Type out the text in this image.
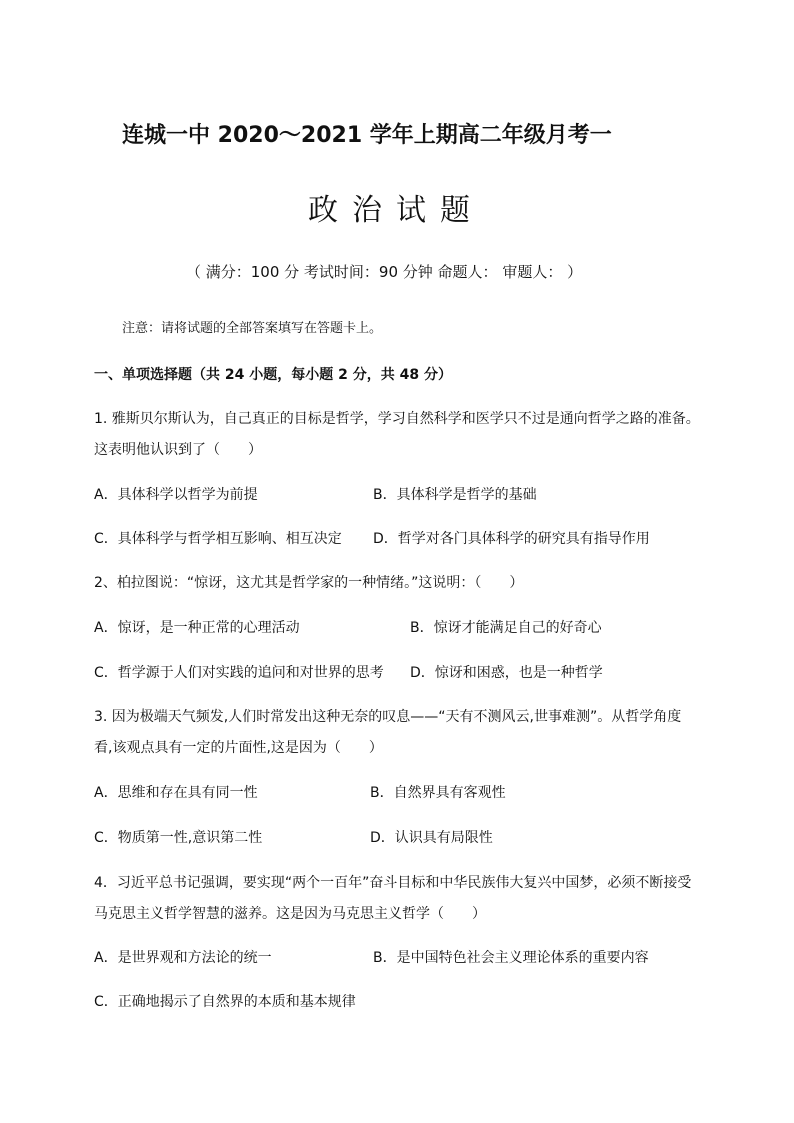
连城一中 2020～2021 学年上期高二年级月考一
政治试题
（ 满分：100 分 考试时间：90 分钟 命题人： 审题人： ）
注意：请将试题的全部答案填写在答题卡上。
一、单项选择题（共 24 小题，每小题 2 分，共 48 分）
1. 雅斯贝尔斯认为，自己真正的目标是哲学，学习自然科学和医学只不过是通向哲学之路的准备。
这表明他认识到了（　　）
A．具体科学以哲学为前提	B．具体科学是哲学的基础
C．具体科学与哲学相互影响、相互决定 D．哲学对各门具体科学的研究具有指导作用
2、柏拉图说：“惊讶，这尤其是哲学家的一种情绪。”这说明：（　　）
A．惊讶，是一种正常的心理活动	B．惊讶才能满足自己的好奇心
C．哲学源于人们对实践的追问和对世界的思考 D．惊讶和困惑，也是一种哲学
3. 因为极端天气频发,人们时常发出这种无奈的叹息——“天有不测风云,世事难测”。从哲学角度
看,该观点具有一定的片面性,这是因为（　　）
A．思维和存在具有同一性	B．自然界具有客观性
C．物质第一性,意识第二性	D．认识具有局限性
4．习近平总书记强调，要实现“两个一百年”奋斗目标和中华民族伟大复兴中国梦，必须不断接受
马克思主义哲学智慧的滋养。这是因为马克思主义哲学（　　）
A．是世界观和方法论的统一	B．是中国特色社会主义理论体系的重要内容
C．正确地揭示了自然界的本质和基本规律
